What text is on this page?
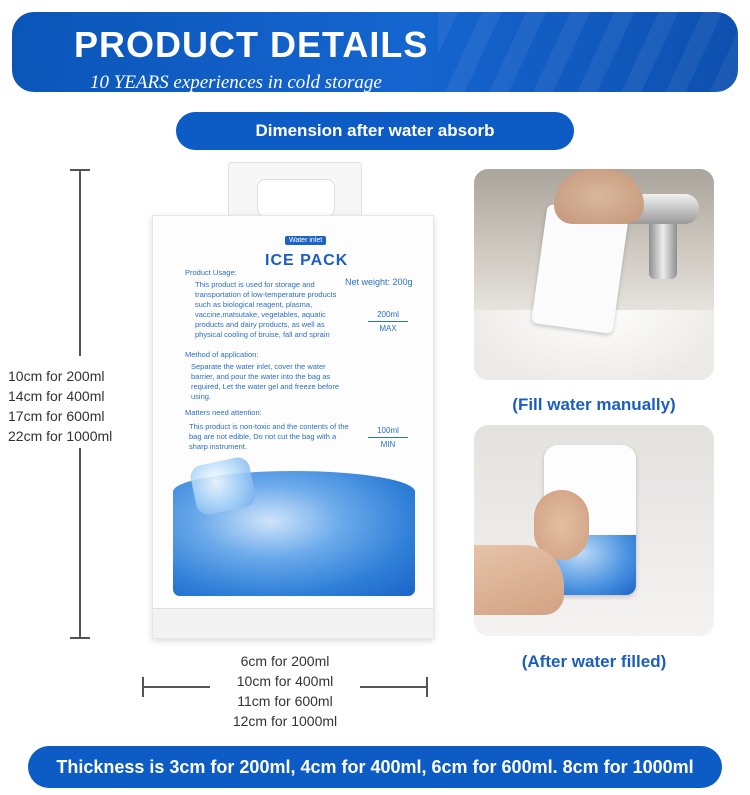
PRODUCT DETAILS
10 YEARS experiences in cold storage
Dimension after water absorb
10cm for 200ml
14cm for 400ml
17cm for 600ml
22cm for 1000ml
Water inlet
ICE PACK
Net weight: 200g
Product Usage:
This product is used for storage and transportation of low-temperature products such as biological reagent, plasma, vaccine,matsutake, vegetables, aquatic products and dairy products, as well as physical cooling of bruise, fall and sprain
Method of application:
Separate the water inlet, cover the water barrier, and pour the water into the bag as required, Let the water gel and freeze before using.
Matters need attention:
This product is non-toxic and the contents of the bag are not edible, Do not cut the bag with a sharp instrument.
200ml
MAX
100ml
MIN
6cm for 200ml
10cm for 400ml
11cm for 600ml
12cm for 1000ml
(Fill water manually)
(After water filled)
Thickness is 3cm for 200ml, 4cm for 400ml, 6cm for 600ml. 8cm for 1000ml
